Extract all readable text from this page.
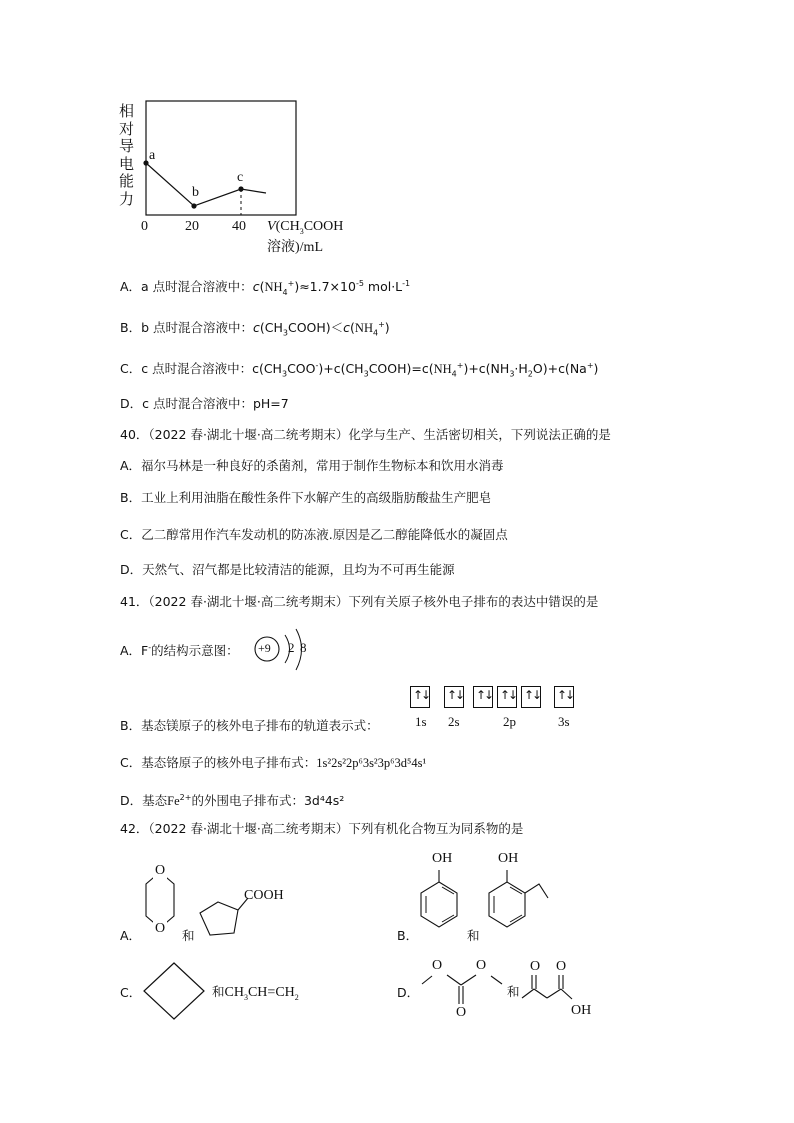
相
对
导
电
能
力
a
b
c
0	20 40 $V(CH_3COOH$
溶液)/mL
A．a 点时混合溶液中：$c(NH_4^+)\approx 1.7\times 10^{-5}$ $mol\cdot L^{-1}$
B．b 点时混合溶液中：$c(CH_3COOH)<c(NH_4^+)$
C．c 点时混合溶液中：$c(CH_3COO^-)+c(CH_3COOH)=c(NH_4^+)+c(NH_3\cdot H_2O)+c(Na^+)$
D．c 点时混合溶液中：pH=7
40．（2022 春·湖北十堰·高二统考期末）化学与生产、生活密切相关，下列说法正确的是
A．福尔马林是一种良好的杀菌剂，常用于制作生物标本和饮用水消毒
B．工业上利用油脂在酸性条件下水解产生的高级脂肪酸盐生产肥皂
C．乙二醇常用作汽车发动机的防冻液.原因是乙二醇能降低水的凝固点
D．天然气、沼气都是比较清洁的能源，且均为不可再生能源
41．（2022 春·湖北十堰·高二统考期末）下列有关原子核外电子排布的表达中错误的是
A．F-的结构示意图： +9 2 8
↑↓ ↑↓ ↑↓ ↑↓ ↑↓ ↑↓
1s 2s	2p	3s
B．基态镁原子的核外电子排布的轨道表示式：
C．基态铬原子的核外电子排布式：1s²2s²2p⁶3s²3p⁶3d⁵4s¹
D．基态$Fe^{2+}$的外围电子排布式：3d⁴4s²
42．（2022 春·湖北十堰·高二统考期末）下列有机化合物互为同系物的是
A．
O
O 和
COOH
B．
OH
和
OH
C．	和$CH_3CH=CH_2$	D．
O O
O
和
O O
OH
